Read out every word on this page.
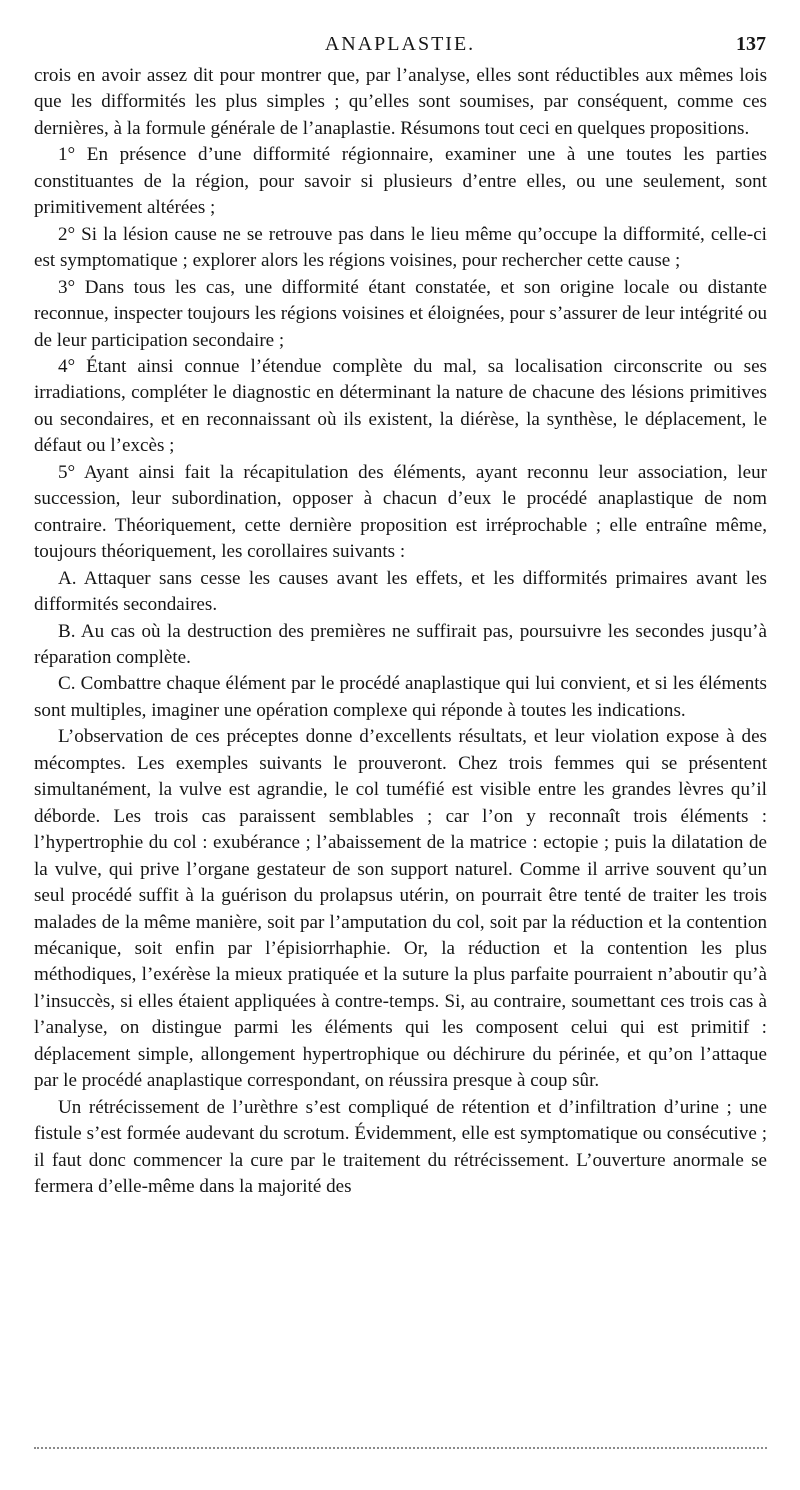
ANAPLASTIE.	137

crois en avoir assez dit pour montrer que, par l’analyse, elles sont réductibles aux mêmes lois que les difformités les plus simples ; qu’elles sont soumises, par conséquent, comme ces dernières, à la formule générale de l’anaplastie. Résumons tout ceci en quelques propositions.

1° En présence d’une difformité régionnaire, examiner une à une toutes les parties constituantes de la région, pour savoir si plusieurs d’entre elles, ou une seulement, sont primitivement altérées ;

2° Si la lésion cause ne se retrouve pas dans le lieu même qu’occupe la difformité, celle-ci est symptomatique ; explorer alors les régions voisines, pour rechercher cette cause ;

3° Dans tous les cas, une difformité étant constatée, et son origine locale ou distante reconnue, inspecter toujours les régions voisines et éloignées, pour s’assurer de leur intégrité ou de leur participation secondaire ;

4° Étant ainsi connue l’étendue complète du mal, sa localisation circonscrite ou ses irradiations, compléter le diagnostic en déterminant la nature de chacune des lésions primitives ou secondaires, et en reconnaissant où ils existent, la diérèse, la synthèse, le déplacement, le défaut ou l’excès ;

5° Ayant ainsi fait la récapitulation des éléments, ayant reconnu leur association, leur succession, leur subordination, opposer à chacun d’eux le procédé anaplastique de nom contraire. Théoriquement, cette dernière proposition est irréprochable ; elle entraîne même, toujours théoriquement, les corollaires suivants :

A. Attaquer sans cesse les causes avant les effets, et les difformités primaires avant les difformités secondaires.

B. Au cas où la destruction des premières ne suffirait pas, poursuivre les secondes jusqu’à réparation complète.

C. Combattre chaque élément par le procédé anaplastique qui lui convient, et si les éléments sont multiples, imaginer une opération complexe qui réponde à toutes les indications.

L’observation de ces préceptes donne d’excellents résultats, et leur violation expose à des mécomptes. Les exemples suivants le prouveront. Chez trois femmes qui se présentent simultanément, la vulve est agrandie, le col tuméfié est visible entre les grandes lèvres qu’il déborde. Les trois cas paraissent semblables ; car l’on y reconnaît trois éléments : l’hypertrophie du col : exubérance ; l’abaissement de la matrice : ectopie ; puis la dilatation de la vulve, qui prive l’organe gestateur de son support naturel. Comme il arrive souvent qu’un seul procédé suffit à la guérison du prolapsus utérin, on pourrait être tenté de traiter les trois malades de la même manière, soit par l’amputation du col, soit par la réduction et la contention mécanique, soit enfin par l’épisiorrhaphie. Or, la réduction et la contention les plus méthodiques, l’exérèse la mieux pratiquée et la suture la plus parfaite pourraient n’aboutir qu’à l’insuccès, si elles étaient appliquées à contre-temps. Si, au contraire, soumettant ces trois cas à l’analyse, on distingue parmi les éléments qui les composent celui qui est primitif : déplacement simple, allongement hypertrophique ou déchirure du périnée, et qu’on l’attaque par le procédé anaplastique correspondant, on réussira presque à coup sûr.

Un rétrécissement de l’urèthre s’est compliqué de rétention et d’infiltration d’urine ; une fistule s’est formée audevant du scrotum. Évidemment, elle est symptomatique ou consécutive ; il faut donc commencer la cure par le traitement du rétrécissement. L’ouverture anormale se fermera d’elle-même dans la majorité des
